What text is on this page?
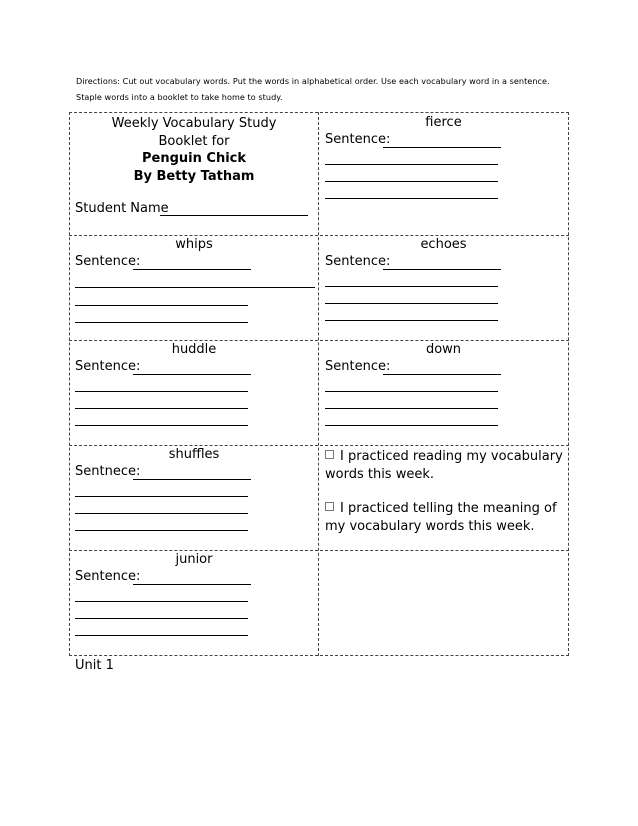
Directions: Cut out vocabulary words. Put the words in alphabetical order. Use each vocabulary word in a sentence. Staple words into a booklet to take home to study.
Weekly Vocabulary Study
Booklet for
Penguin Chick
By Betty Tatham
Student Name
fierce
Sentence:
whips
Sentence:
echoes
Sentence:
huddle
Sentence:
down
Sentence:
shuffles
Sentnece:
I practiced reading my vocabulary words this week.
I practiced telling the meaning of my vocabulary words this week.
junior
Sentence:
Unit 1
